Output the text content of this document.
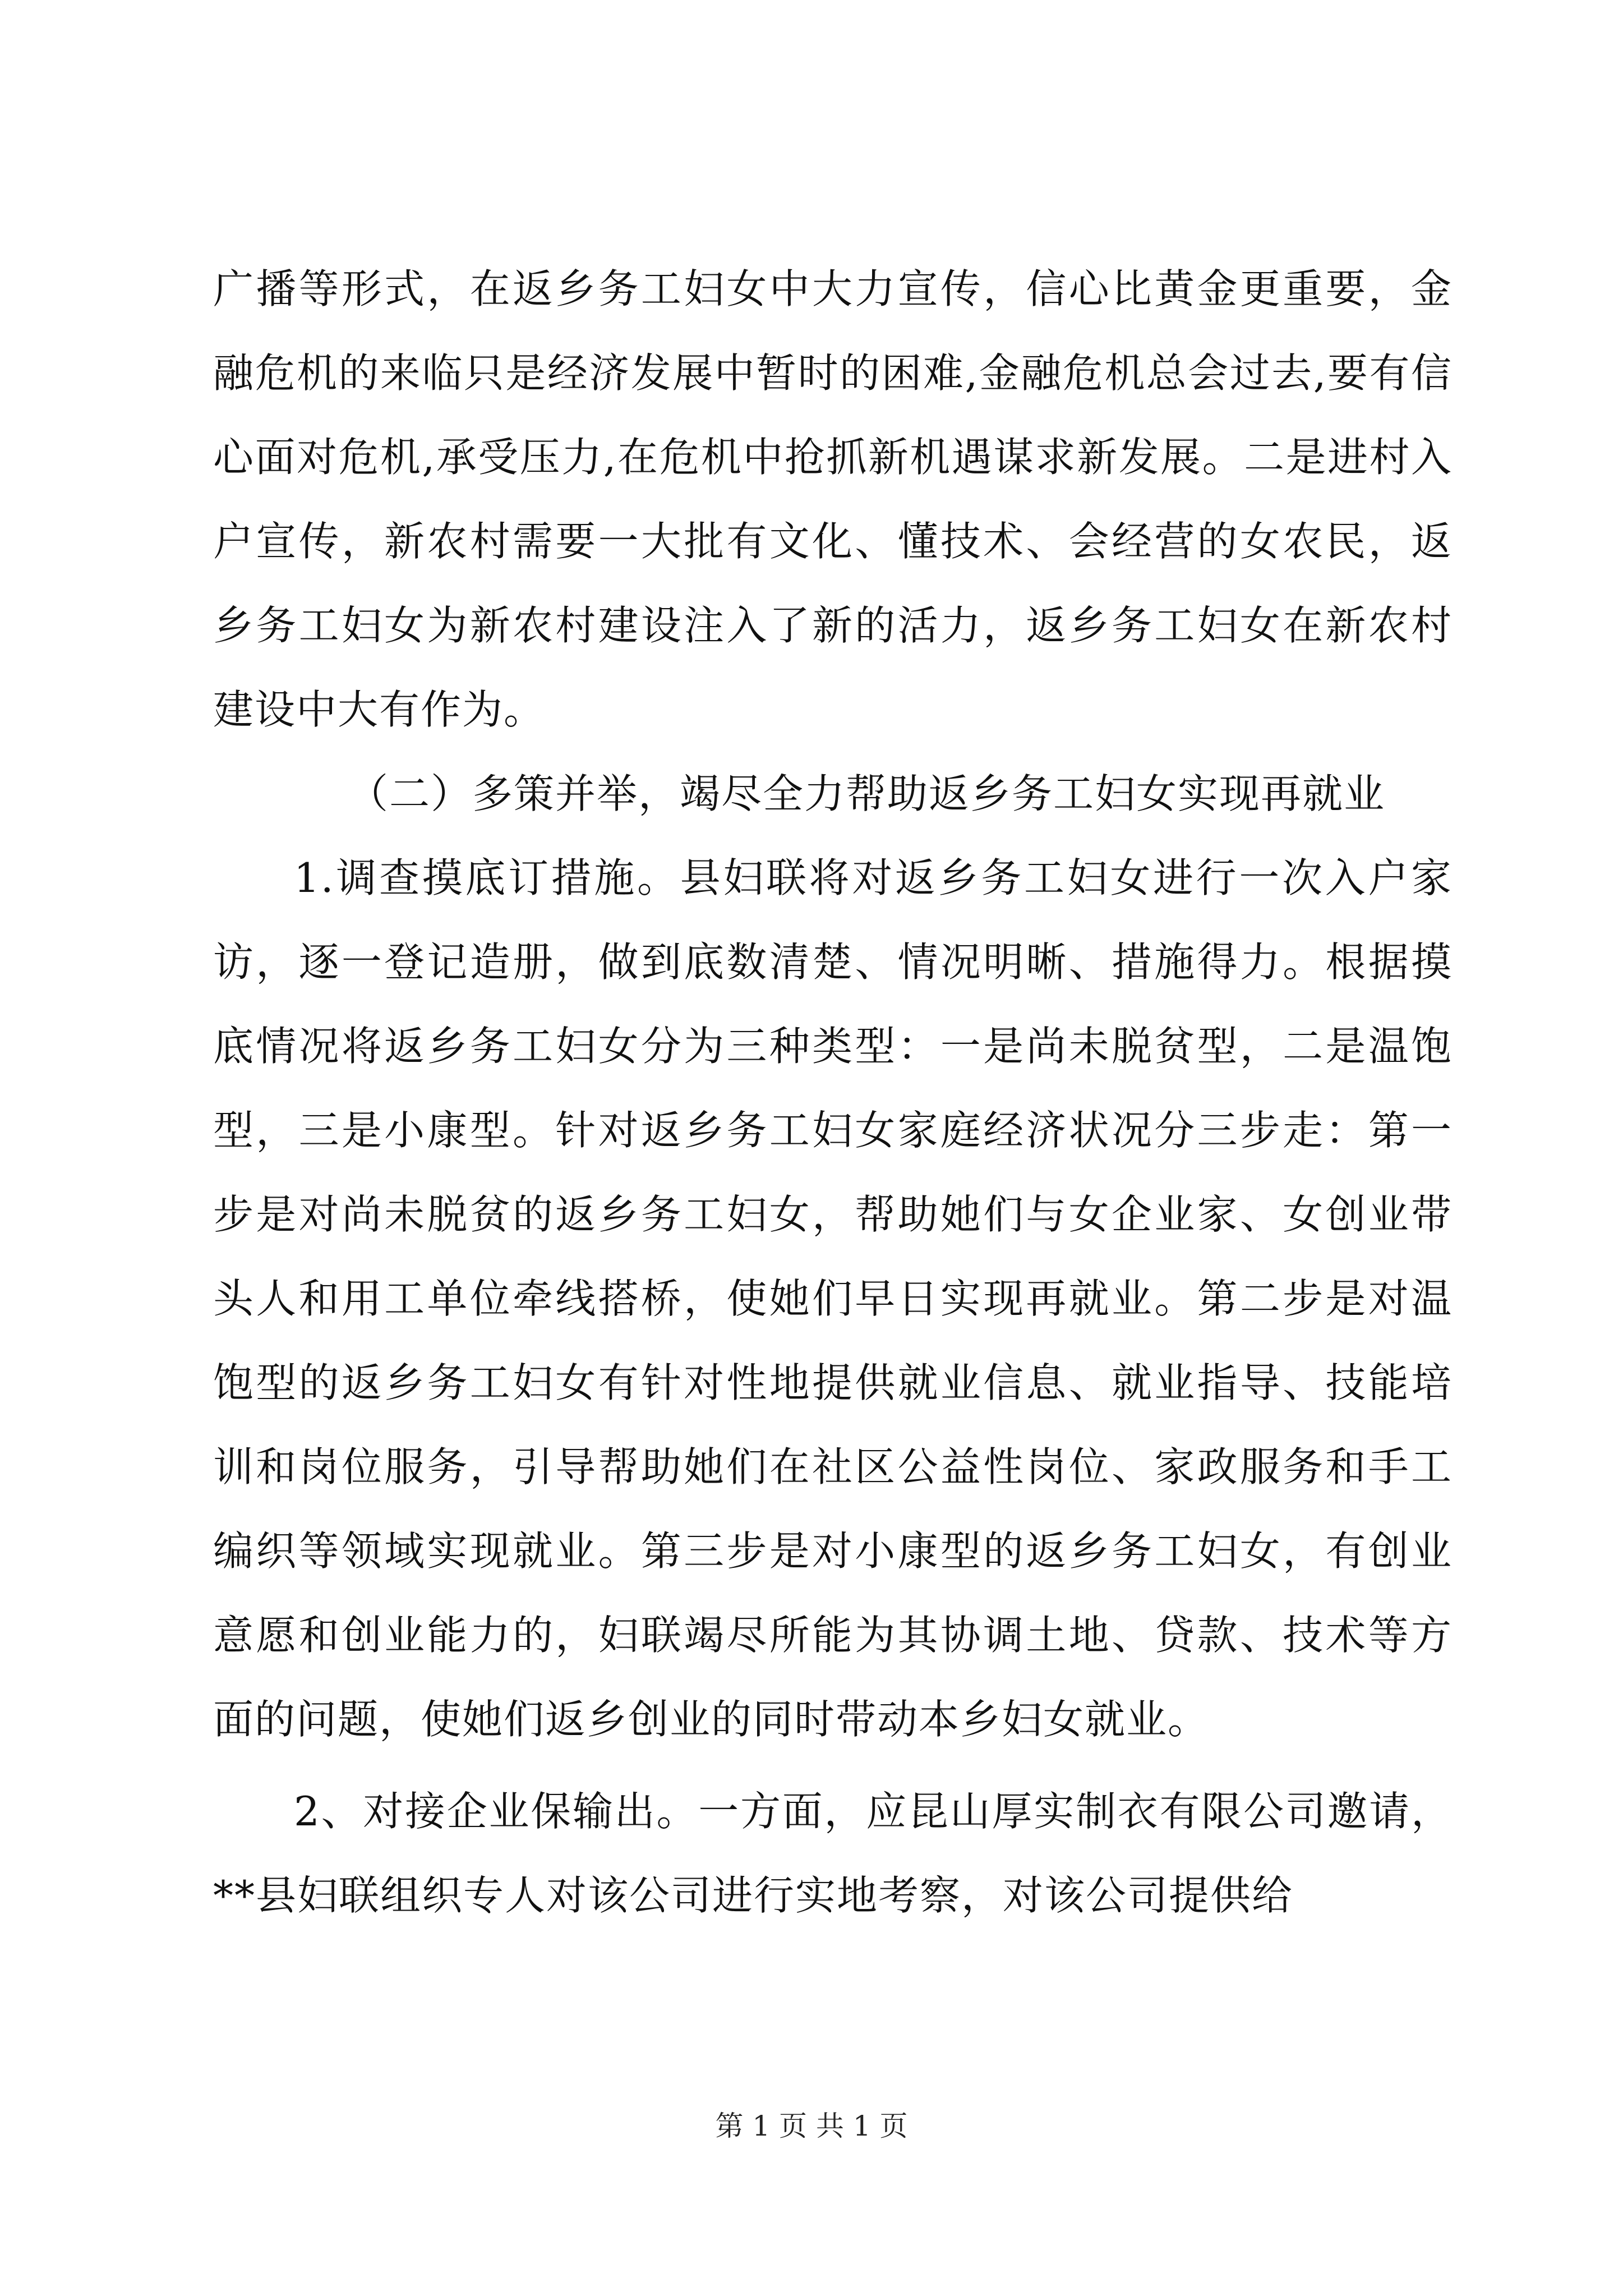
广播等形式，在返乡务工妇女中大力宣传，信心比黄金更重要，金融危机的来临只是经济发展中暂时的困难,金融危机总会过去,要有信心面对危机,承受压力,在危机中抢抓新机遇谋求新发展。二是进村入户宣传，新农村需要一大批有文化、懂技术、会经营的女农民，返乡务工妇女为新农村建设注入了新的活力，返乡务工妇女在新农村建设中大有作为。

（二）多策并举，竭尽全力帮助返乡务工妇女实现再就业

1.调查摸底订措施。县妇联将对返乡务工妇女进行一次入户家访，逐一登记造册，做到底数清楚、情况明晰、措施得力。根据摸底情况将返乡务工妇女分为三种类型：一是尚未脱贫型，二是温饱型，三是小康型。针对返乡务工妇女家庭经济状况分三步走：第一步是对尚未脱贫的返乡务工妇女，帮助她们与女企业家、女创业带头人和用工单位牵线搭桥，使她们早日实现再就业。第二步是对温饱型的返乡务工妇女有针对性地提供就业信息、就业指导、技能培训和岗位服务，引导帮助她们在社区公益性岗位、家政服务和手工编织等领域实现就业。第三步是对小康型的返乡务工妇女，有创业意愿和创业能力的，妇联竭尽所能为其协调土地、贷款、技术等方面的问题，使她们返乡创业的同时带动本乡妇女就业。

2、对接企业保输出。一方面，应昆山厚实制衣有限公司邀请，**县妇联组织专人对该公司进行实地考察，对该公司提供给

第 1 页 共 1 页
